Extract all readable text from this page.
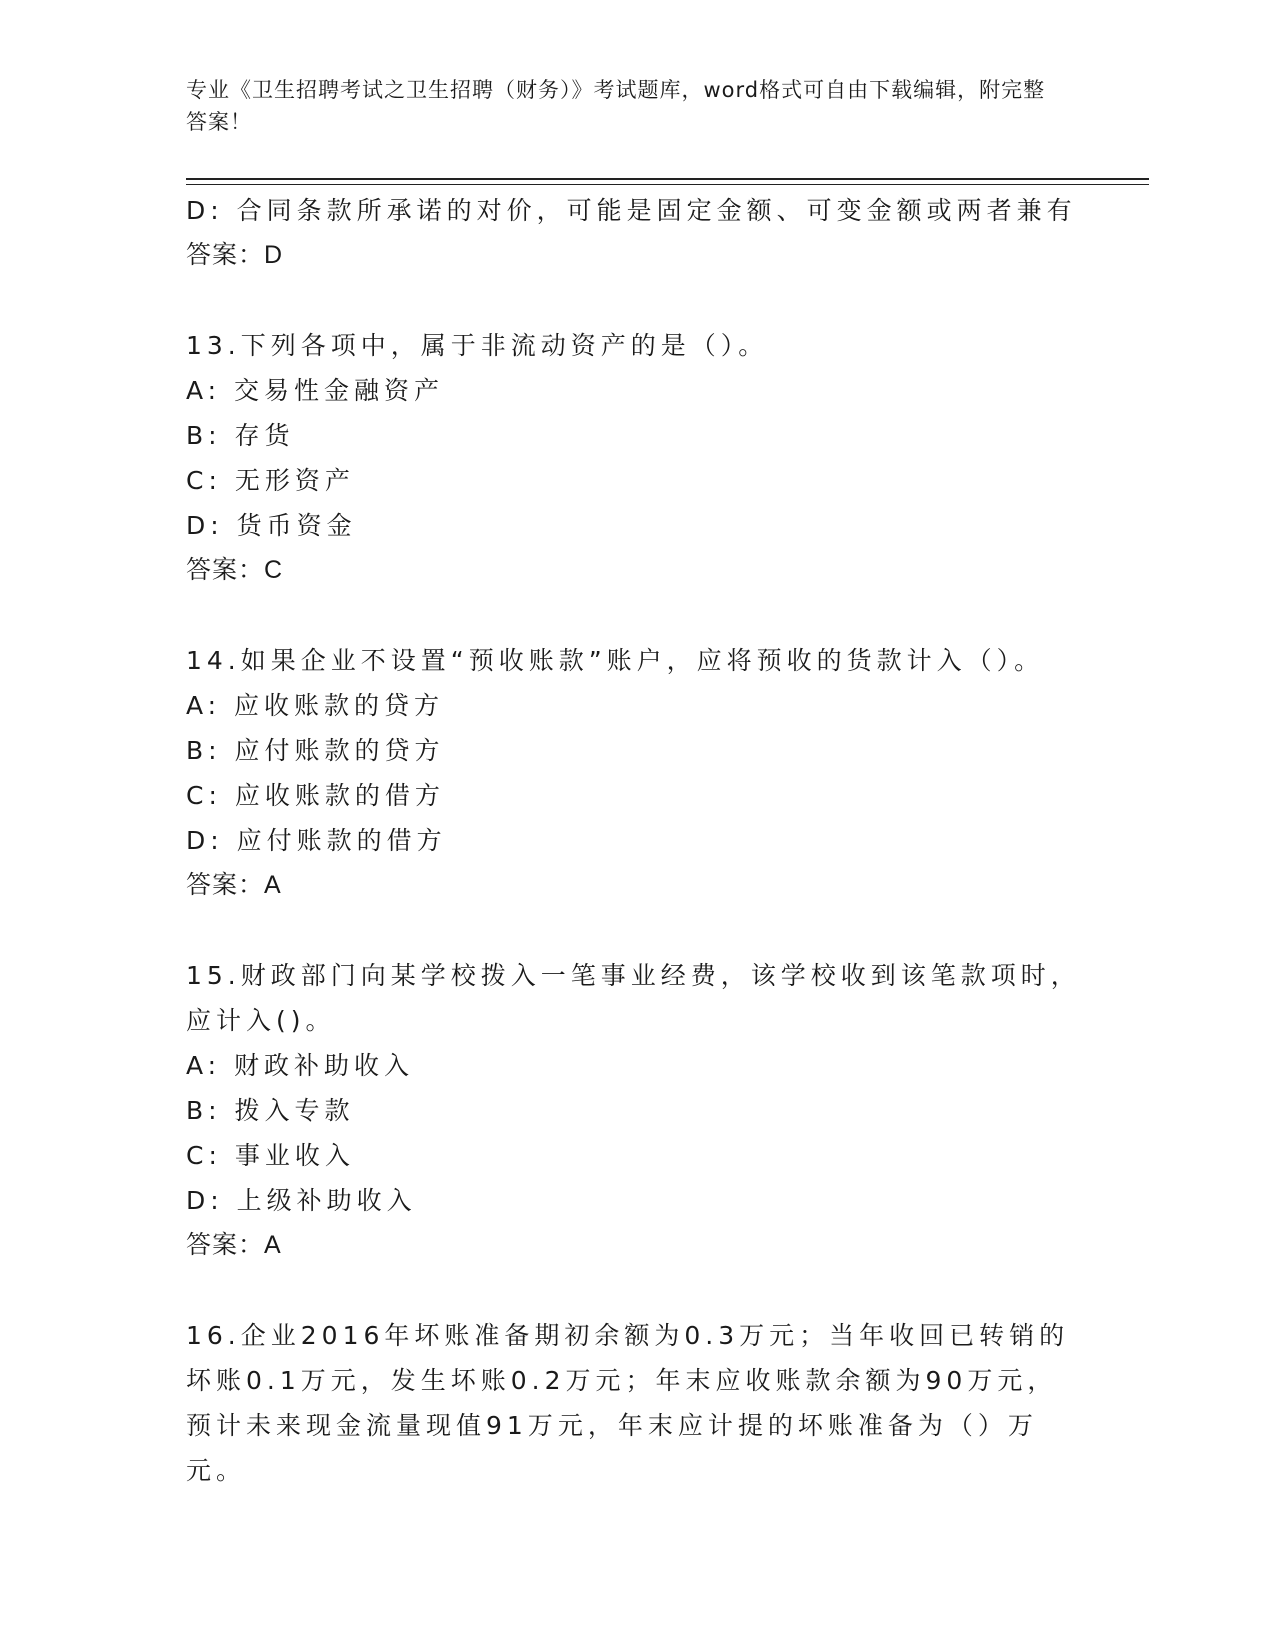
专业《卫生招聘考试之卫生招聘（财务）》考试题库，word格式可自由下载编辑，附完整答案！
D: 合同条款所承诺的对价，可能是固定金额、可变金额或两者兼有
答案：D
13.下列各项中，属于非流动资产的是（）。
A: 交易性金融资产
B: 存货
C: 无形资产
D: 货币资金
答案：C
14.如果企业不设置“预收账款”账户，应将预收的货款计入（）。
A: 应收账款的贷方
B: 应付账款的贷方
C: 应收账款的借方
D: 应付账款的借方
答案：A
15.财政部门向某学校拨入一笔事业经费，该学校收到该笔款项时，应计入()。
A: 财政补助收入
B: 拨入专款
C: 事业收入
D: 上级补助收入
答案：A
16.企业2016年坏账准备期初余额为0.3万元；当年收回已转销的坏账0.1万元，发生坏账0.2万元；年末应收账款余额为90万元，预计未来现金流量现值91万元，年末应计提的坏账准备为（）万元。
